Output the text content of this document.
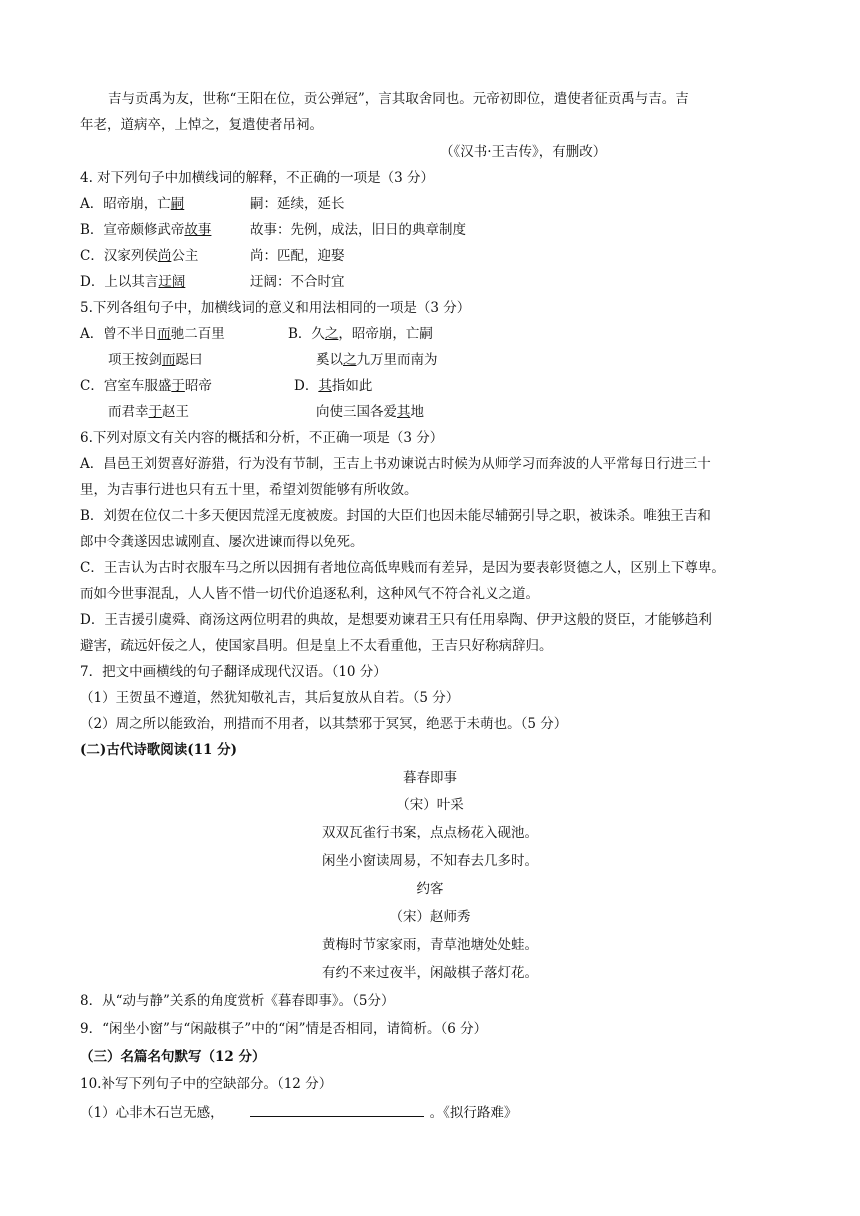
吉与贡禹为友，世称“王阳在位，贡公弹冠”，言其取舍同也。元帝初即位，遣使者征贡禹与吉。吉
年老，道病卒，上悼之，复遣使者吊祠。
（《汉书·王吉传》，有删改）
4. 对下列句子中加横线词的解释，不正确的一项是（3 分）
A．昭帝崩，亡嗣	嗣：延续，延长
B．宣帝颇修武帝故事	故事：先例，成法，旧日的典章制度
C．汉家列侯尚公主	尚：匹配，迎娶
D．上以其言迂阔	迂阔：不合时宜
5.下列各组句子中，加横线词的意义和用法相同的一项是（3 分）
A．曾不半日而驰二百里	B．久之，昭帝崩，亡嗣
项王按剑而跽曰	奚以之九万里而南为
C．宫室车服盛于昭帝	D．其指如此
而君幸于赵王	向使三国各爱其地
6.下列对原文有关内容的概括和分析，不正确一项是（3 分）
A．昌邑王刘贺喜好游猎，行为没有节制，王吉上书劝谏说古时候为从师学习而奔波的人平常每日行进三十
里，为吉事行进也只有五十里，希望刘贺能够有所收敛。
B．刘贺在位仅二十多天便因荒淫无度被废。封国的大臣们也因未能尽辅弼引导之职，被诛杀。唯独王吉和
郎中令龚遂因忠诚刚直、屡次进谏而得以免死。
C．王吉认为古时衣服车马之所以因拥有者地位高低卑贱而有差异，是因为要表彰贤德之人，区别上下尊卑。
而如今世事混乱，人人皆不惜一切代价追逐私利，这种风气不符合礼义之道。
D．王吉援引虞舜、商汤这两位明君的典故，是想要劝谏君王只有任用皋陶、伊尹这般的贤臣，才能够趋利
避害，疏远奸佞之人，使国家昌明。但是皇上不太看重他，王吉只好称病辞归。
7．把文中画横线的句子翻译成现代汉语。（10 分）
（1）王贺虽不遵道，然犹知敬礼吉，其后复放从自若。（5 分）
（2）周之所以能致治，刑措而不用者，以其禁邪于冥冥，绝恶于未萌也。（5 分）
(二)古代诗歌阅读(11 分)
暮春即事
（宋）叶采
双双瓦雀行书案，点点杨花入砚池。
闲坐小窗读周易，不知春去几多时。
约客
（宋）赵师秀
黄梅时节家家雨，青草池塘处处蛙。
有约不来过夜半，闲敲棋子落灯花。
8．从“动与静”关系的角度赏析《暮春即事》。（5分）
9．“闲坐小窗”与“闲敲棋子”中的“闲”情是否相同，请简析。（6 分）
（三）名篇名句默写（12 分）
10.补写下列句子中的空缺部分。（12 分）
（1）心非木石岂无感，	。《拟行路难》
